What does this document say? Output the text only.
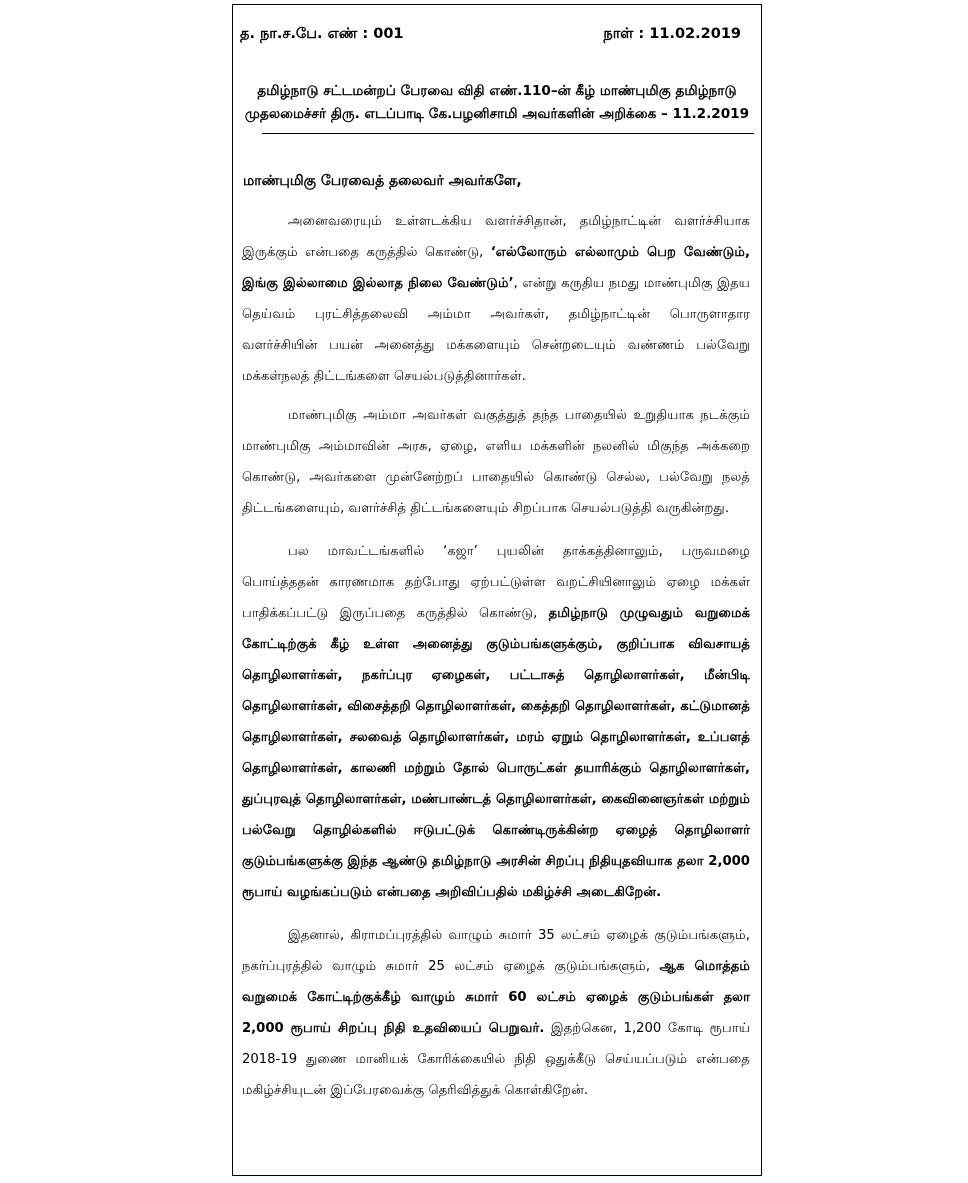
த. நா.ச.பே. எண் : 001	நாள் : 11.02.2019
தமிழ்நாடு சட்டமன்றப் பேரவை விதி எண்.110–ன் கீழ் மாண்புமிகு தமிழ்நாடு
முதலமைச்சர் திரு. எடப்பாடி கே.பழனிசாமி அவர்களின் அறிக்கை – 11.2.2019
மாண்புமிகு பேரவைத் தலைவர் அவர்களே,

அனைவரையும் உள்ளடக்கிய வளர்ச்சிதான், தமிழ்நாட்டின் வளர்ச்சியாக இருக்கும் என்பதை கருத்தில் கொண்டு, ‘எல்லோரும் எல்லாமும் பெற வேண்டும், இங்கு இல்லாமை இல்லாத நிலை வேண்டும்’, என்று கருதிய நமது மாண்புமிகு இதய தெய்வம் புரட்சித்தலைவி அம்மா அவர்கள், தமிழ்நாட்டின் பொருளாதார வளர்ச்சியின் பயன் அனைத்து மக்களையும் சென்றடையும் வண்ணம் பல்வேறு மக்கள்நலத் திட்டங்களை செயல்படுத்தினார்கள்.

மாண்புமிகு அம்மா அவர்கள் வகுத்துத் தந்த பாதையில் உறுதியாக நடக்கும் மாண்புமிகு அம்மாவின் அரசு, ஏழை, எளிய மக்களின் நலனில் மிகுந்த அக்கறை கொண்டு, அவர்களை முன்னேற்றப் பாதையில் கொண்டு செல்ல, பல்வேறு நலத் திட்டங்களையும், வளர்ச்சித் திட்டங்களையும் சிறப்பாக செயல்படுத்தி வருகின்றது.

பல மாவட்டங்களில் ‘கஜா’ புயலின் தாக்கத்தினாலும், பருவமழை பொய்த்ததன் காரணமாக தற்போது ஏற்பட்டுள்ள வறட்சியினாலும் ஏழை மக்கள் பாதிக்கப்பட்டு இருப்பதை கருத்தில் கொண்டு, தமிழ்நாடு முழுவதும் வறுமைக் கோட்டிற்குக் கீழ் உள்ள அனைத்து குடும்பங்களுக்கும், குறிப்பாக விவசாயத் தொழிலாளர்கள், நகர்ப்புர ஏழைகள், பட்டாசுத் தொழிலாளர்கள், மீன்பிடி தொழிலாளர்கள், விசைத்தறி தொழிலாளர்கள், கைத்தறி தொழிலாளர்கள், கட்டுமானத் தொழிலாளர்கள், சலவைத் தொழிலாளர்கள், மரம் ஏறும் தொழிலாளர்கள், உப்பளத் தொழிலாளர்கள், காலணி மற்றும் தோல் பொருட்கள் தயாரிக்கும் தொழிலாளர்கள், துப்புரவுத் தொழிலாளர்கள், மண்பாண்டத் தொழிலாளர்கள், கைவினைஞர்கள் மற்றும் பல்வேறு தொழில்களில் ஈடுபட்டுக் கொண்டிருக்கின்ற ஏழைத் தொழிலாளர் குடும்பங்களுக்கு இந்த ஆண்டு தமிழ்நாடு அரசின் சிறப்பு நிதியுதவியாக தலா 2,000 ரூபாய் வழங்கப்படும் என்பதை அறிவிப்பதில் மகிழ்ச்சி அடைகிறேன்.

இதனால், கிராமப்புரத்தில் வாழும் சுமார் 35 லட்சம் ஏழைக் குடும்பங்களும், நகர்ப்புரத்தில் வாழும் சுமார் 25 லட்சம் ஏழைக் குடும்பங்களும், ஆக மொத்தம் வறுமைக் கோட்டிற்குக்கீழ் வாழும் சுமார் 60 லட்சம் ஏழைக் குடும்பங்கள் தலா 2,000 ரூபாய் சிறப்பு நிதி உதவியைப் பெறுவர். இதற்கென, 1,200 கோடி ரூபாய் 2018-19 துணை மானியக் கோரிக்கையில் நிதி ஒதுக்கீடு செய்யப்படும் என்பதை மகிழ்ச்சியுடன் இப்பேரவைக்கு தெரிவித்துக் கொள்கிறேன்.
